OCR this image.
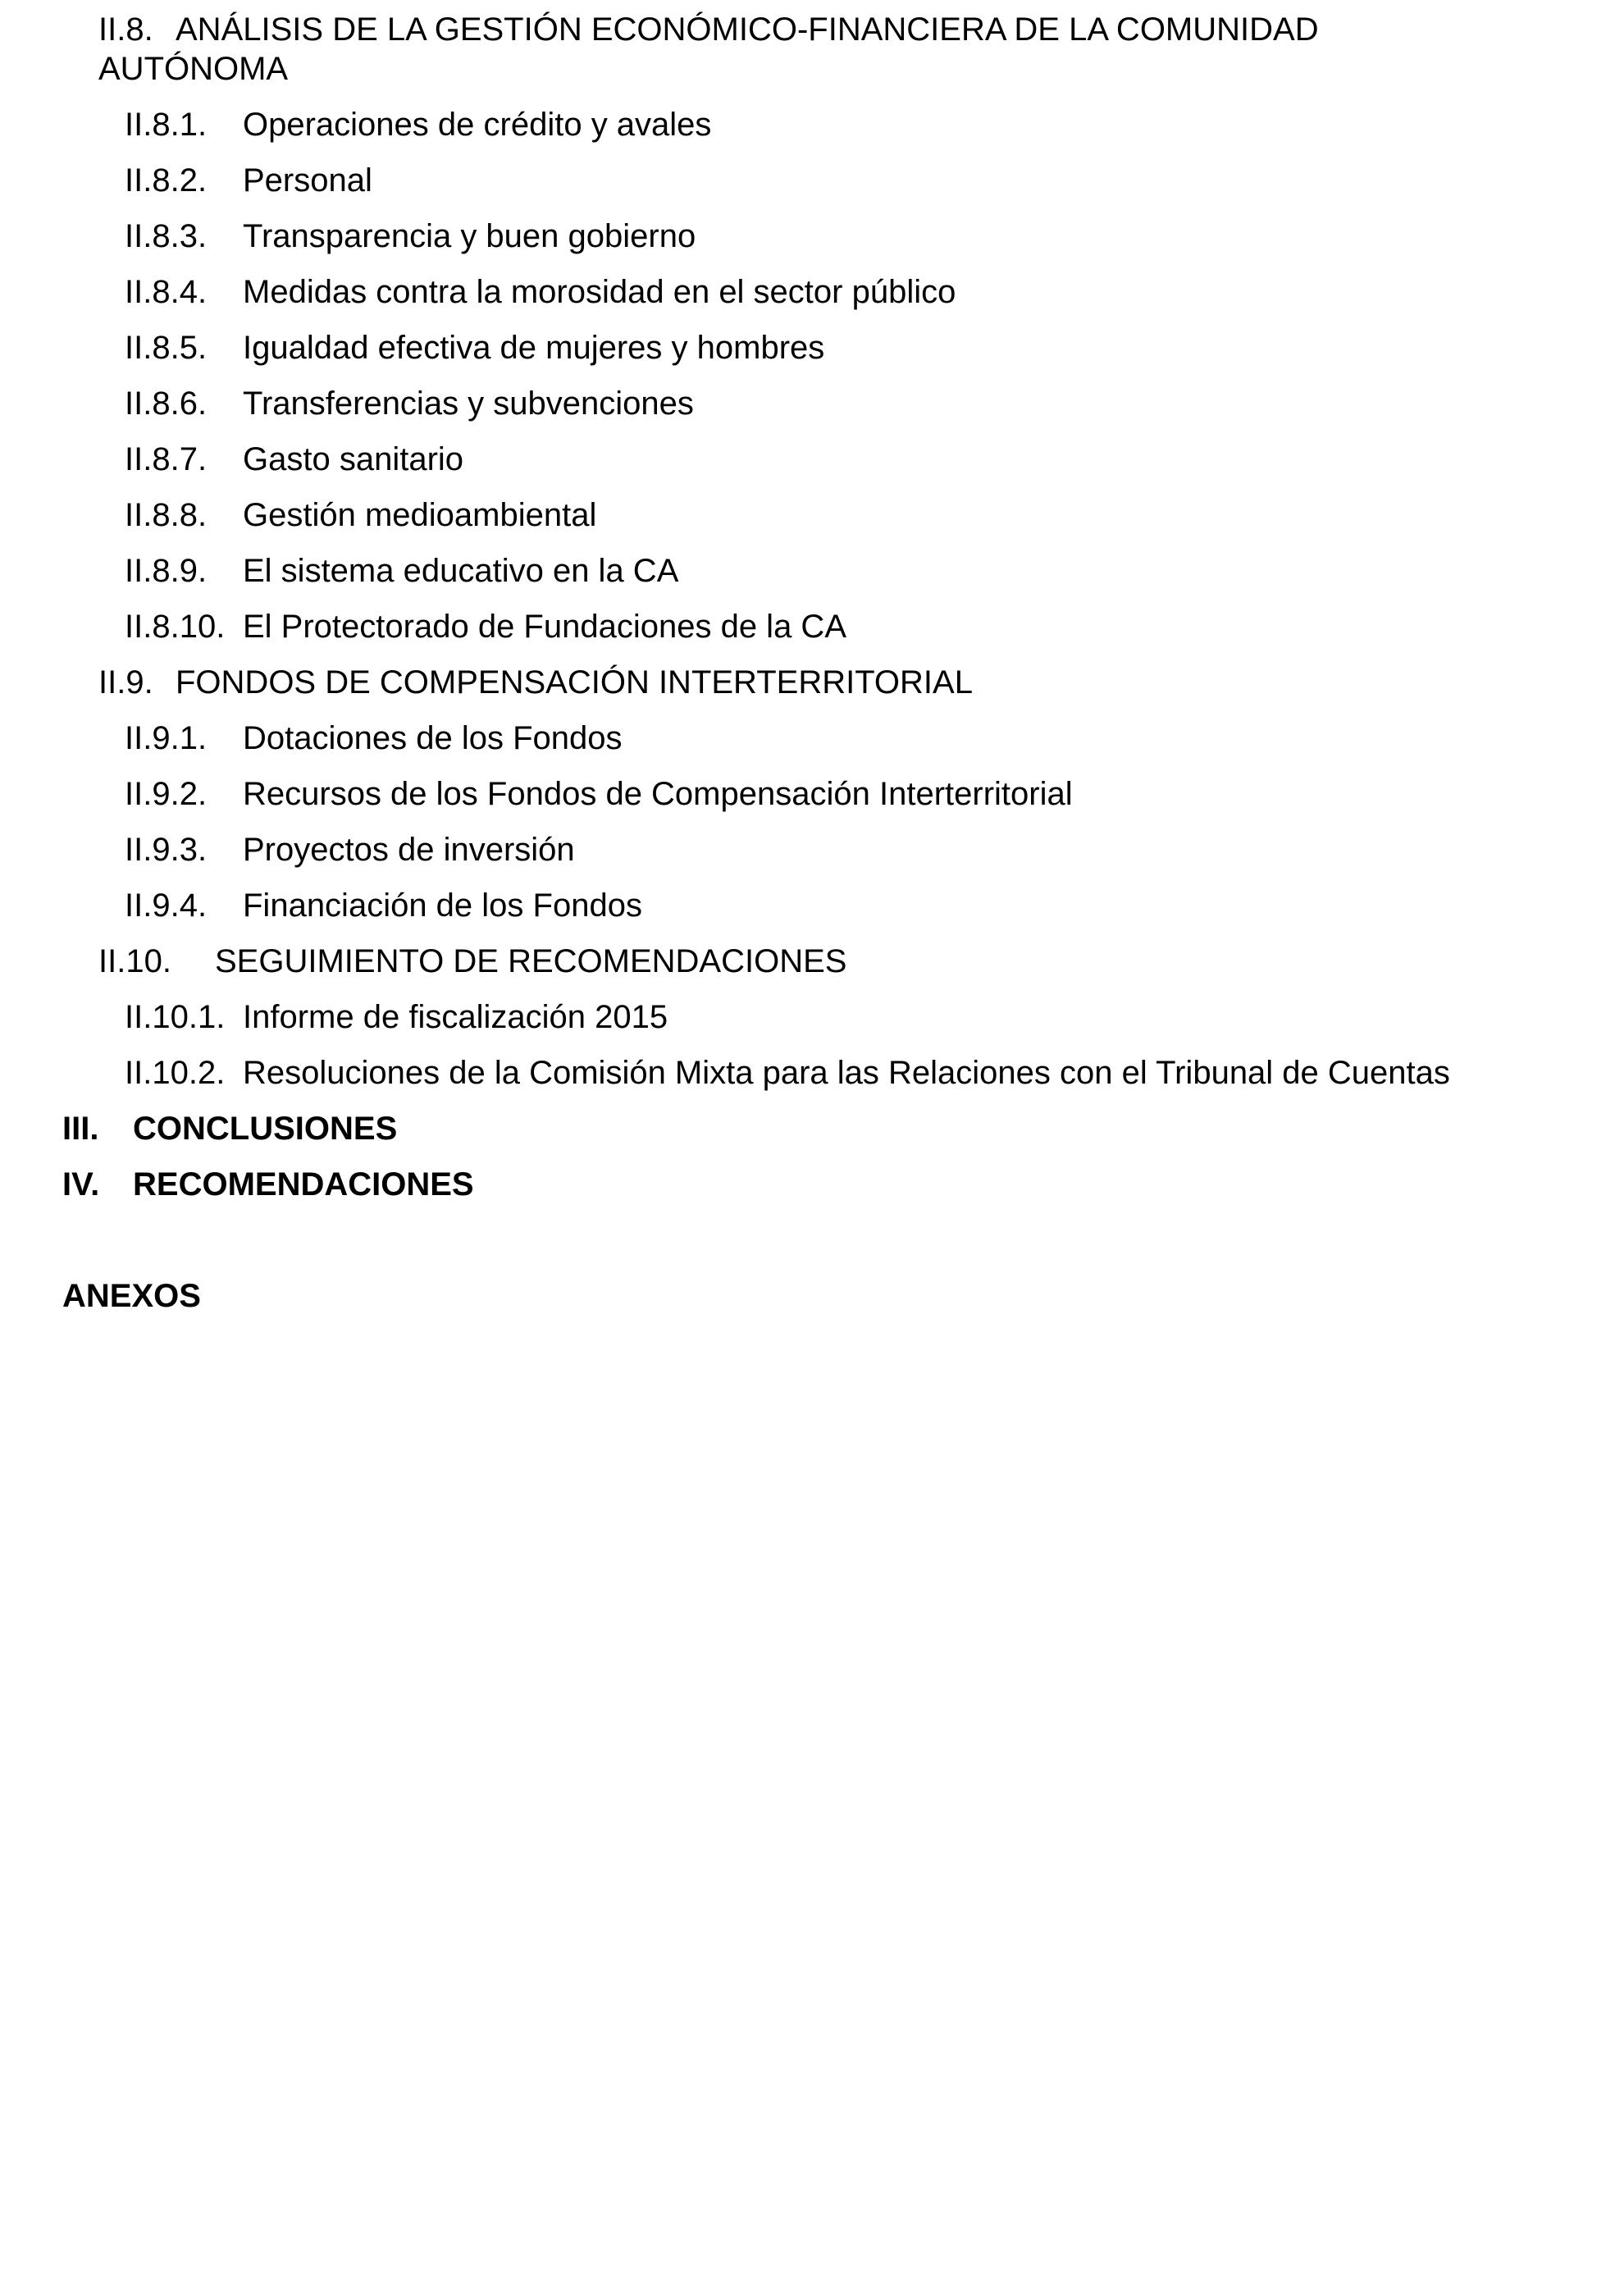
II.8. ANÁLISIS DE LA GESTIÓN ECONÓMICO-FINANCIERA DE LA COMUNIDAD
AUTÓNOMA
II.8.1. Operaciones de crédito y avales
II.8.2. Personal
II.8.3. Transparencia y buen gobierno
II.8.4. Medidas contra la morosidad en el sector público
II.8.5. Igualdad efectiva de mujeres y hombres
II.8.6. Transferencias y subvenciones
II.8.7. Gasto sanitario
II.8.8. Gestión medioambiental
II.8.9. El sistema educativo en la CA
II.8.10. El Protectorado de Fundaciones de la CA
II.9. FONDOS DE COMPENSACIÓN INTERTERRITORIAL
II.9.1. Dotaciones de los Fondos
II.9.2. Recursos de los Fondos de Compensación Interterritorial
II.9.3. Proyectos de inversión
II.9.4. Financiación de los Fondos
II.10. SEGUIMIENTO DE RECOMENDACIONES
II.10.1. Informe de fiscalización 2015
II.10.2. Resoluciones de la Comisión Mixta para las Relaciones con el Tribunal de Cuentas
III. CONCLUSIONES
IV. RECOMENDACIONES
ANEXOS
